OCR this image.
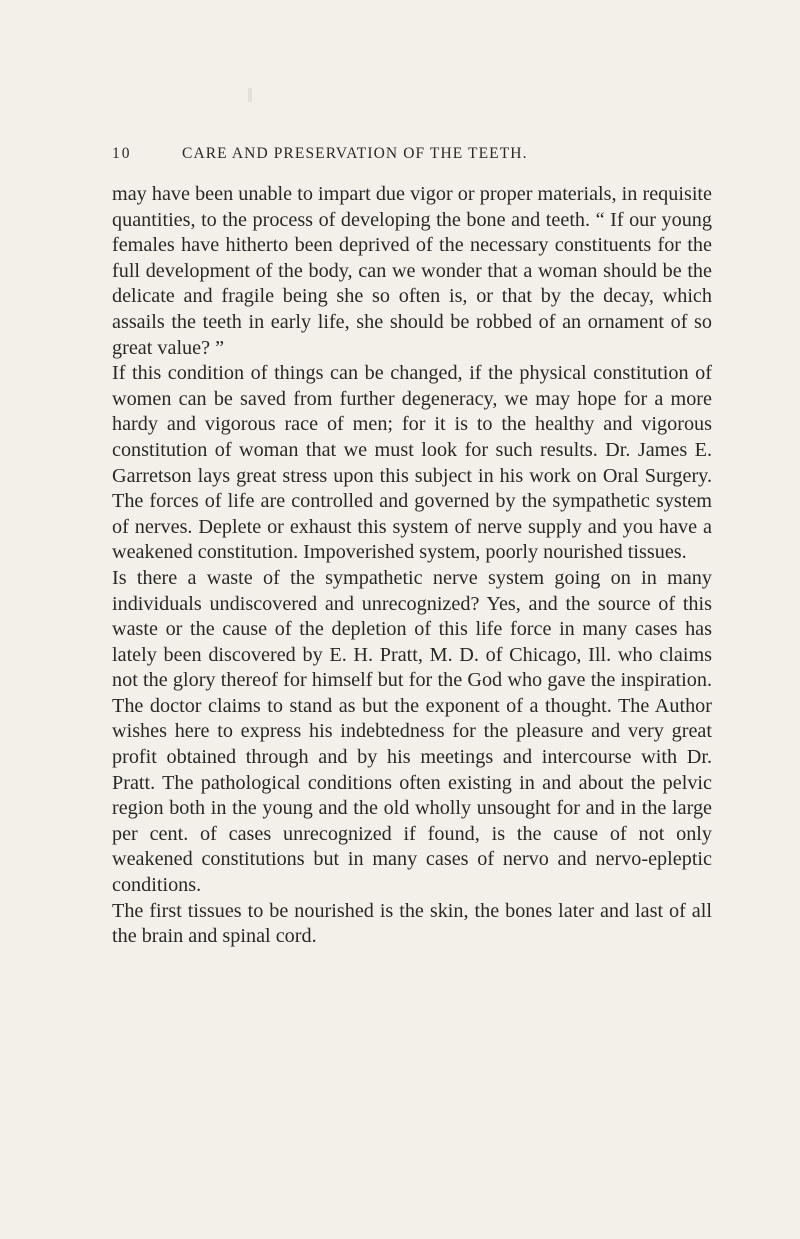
10	CARE AND PRESERVATION OF THE TEETH.

may have been unable to impart due vigor or proper materials, in requisite quantities, to the process of developing the bone and teeth. “ If our young females have hitherto been deprived of the necessary constituents for the full development of the body, can we wonder that a woman should be the delicate and fragile being she so often is, or that by the decay, which assails the teeth in early life, she should be robbed of an ornament of so great value? ”

If this condition of things can be changed, if the physical constitution of women can be saved from further degeneracy, we may hope for a more hardy and vigorous race of men; for it is to the healthy and vigorous constitution of woman that we must look for such results. Dr. James E. Garretson lays great stress upon this subject in his work on Oral Surgery. The forces of life are controlled and governed by the sympathetic system of nerves. Deplete or exhaust this system of nerve supply and you have a weakened constitution. Impoverished system, poorly nourished tissues.

Is there a waste of the sympathetic nerve system going on in many individuals undiscovered and unrecognized? Yes, and the source of this waste or the cause of the depletion of this life force in many cases has lately been discovered by E. H. Pratt, M. D. of Chicago, Ill. who claims not the glory thereof for himself but for the God who gave the inspiration. The doctor claims to stand as but the exponent of a thought. The Author wishes here to express his indebtedness for the pleasure and very great profit obtained through and by his meetings and intercourse with Dr. Pratt. The pathological conditions often existing in and about the pelvic region both in the young and the old wholly unsought for and in the large per cent. of cases unrecognized if found, is the cause of not only weakened constitutions but in many cases of nervo and nervo-epleptic conditions.

The first tissues to be nourished is the skin, the bones later and last of all the brain and spinal cord.
